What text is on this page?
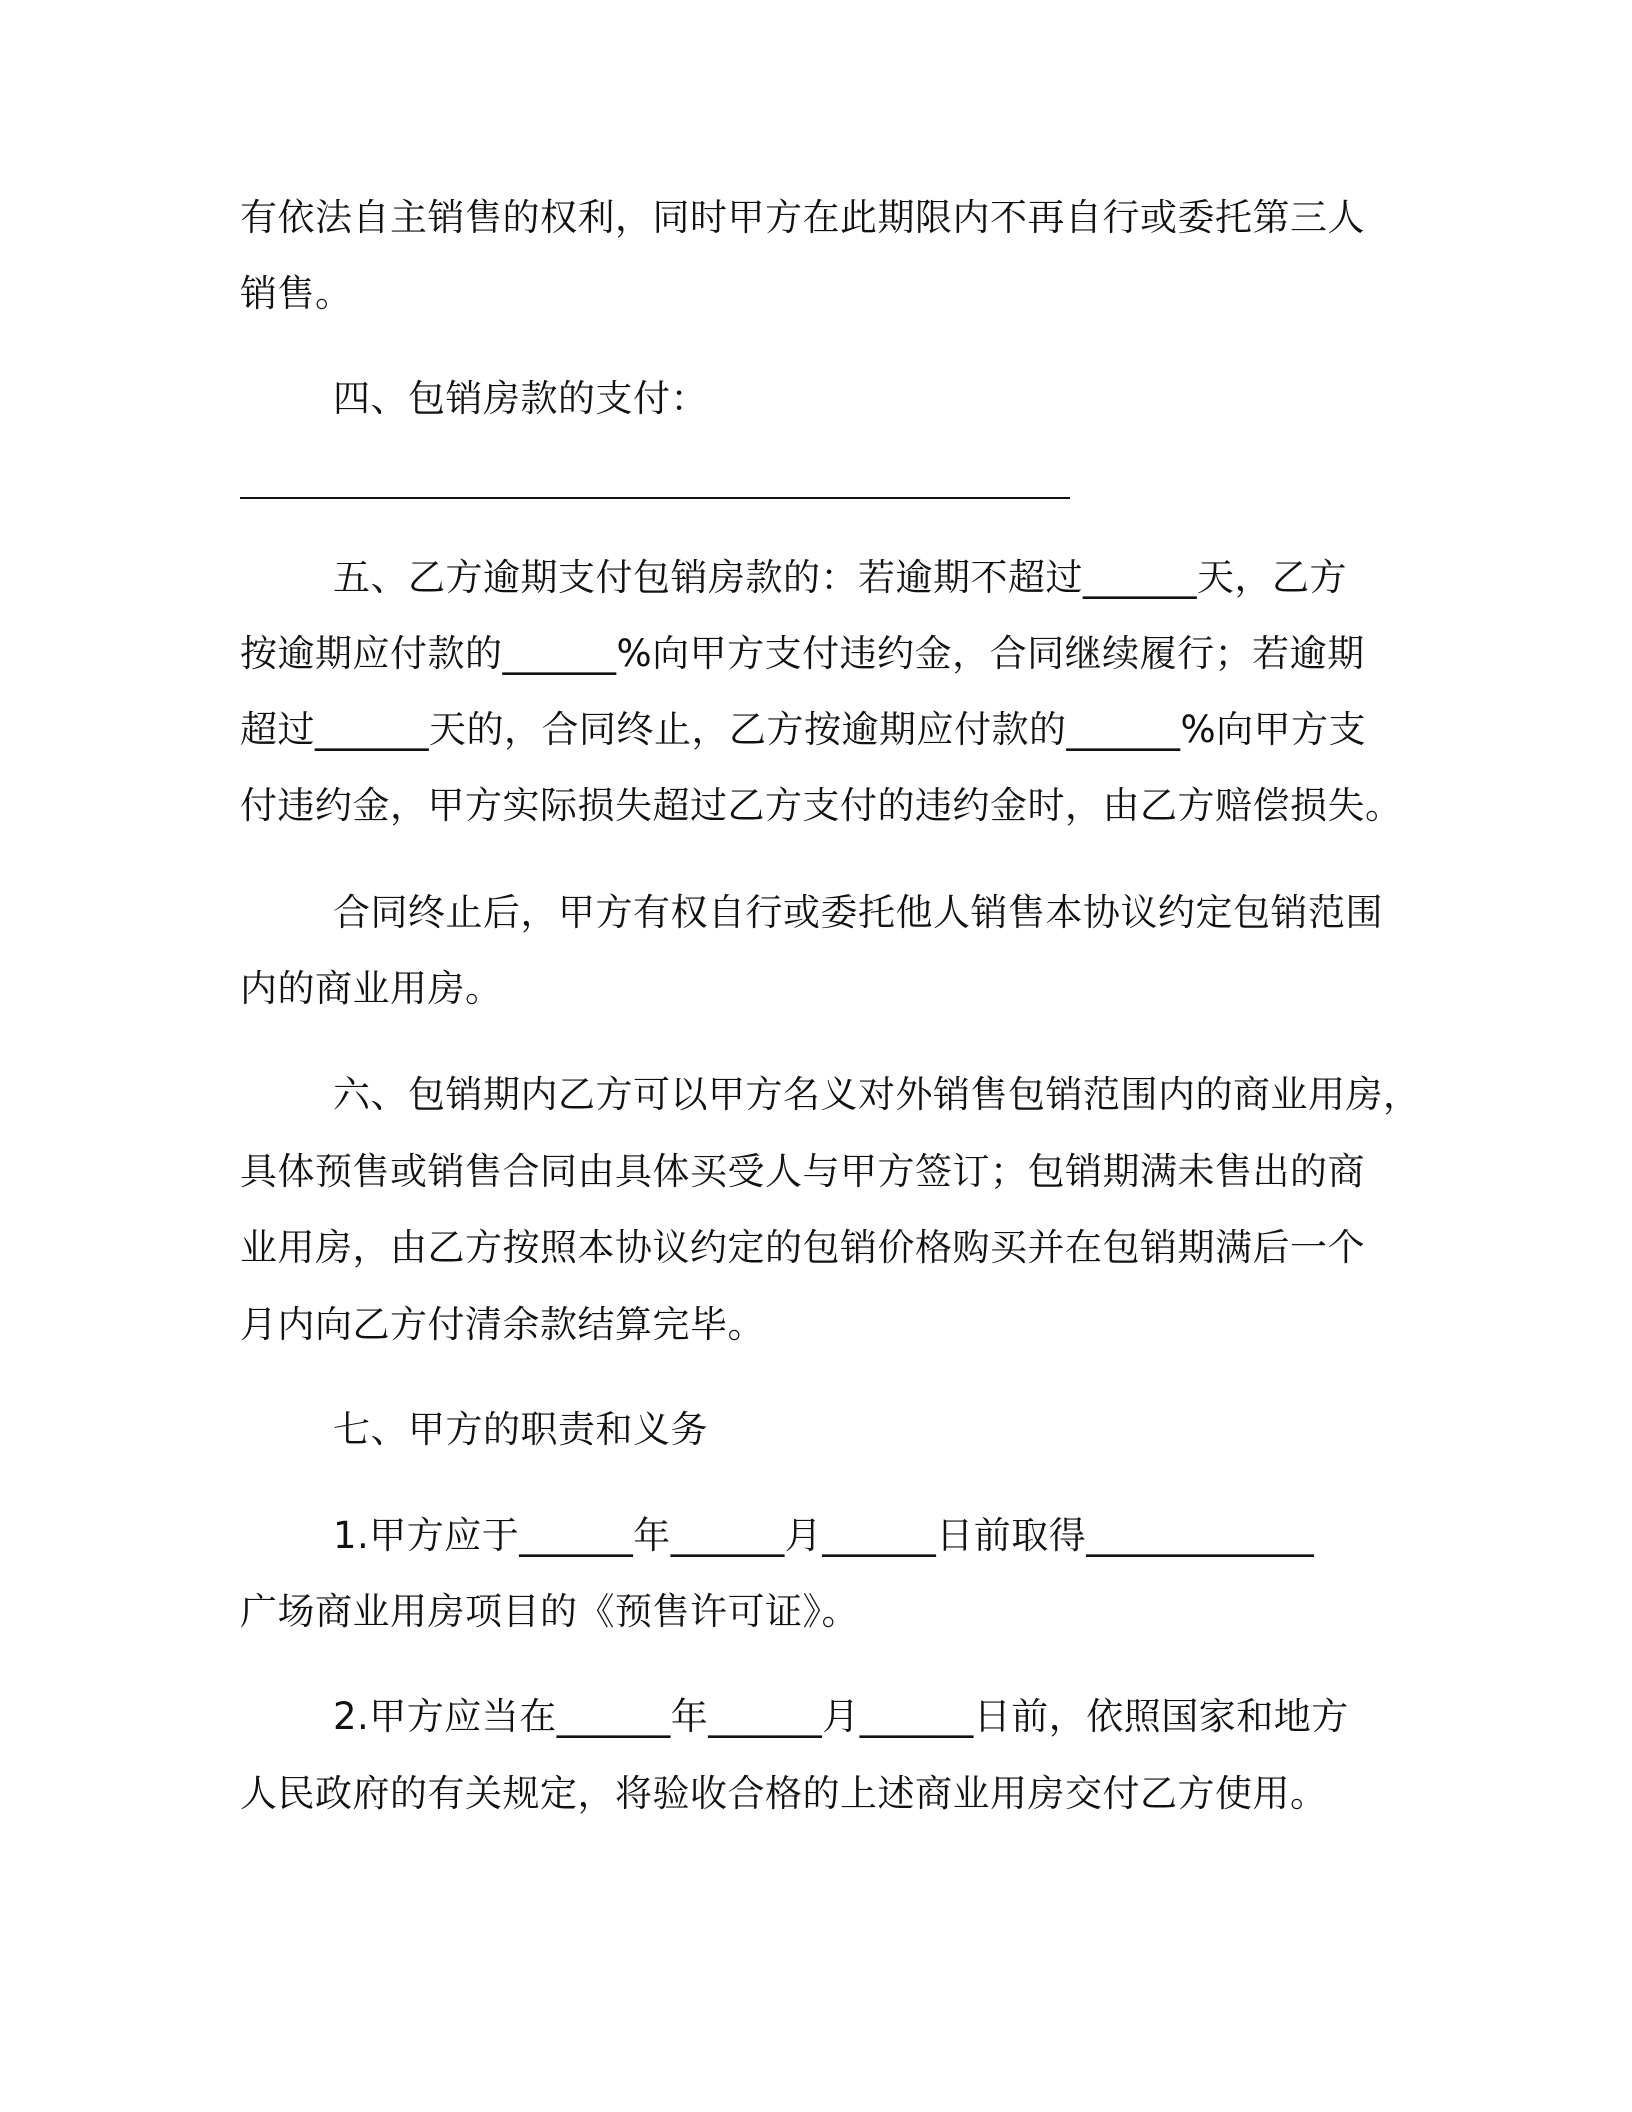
有依法自主销售的权利，同时甲方在此期限内不再自行或委托第三人
销售。
四、包销房款的支付：
五、乙方逾期支付包销房款的：若逾期不超过______天，乙方
按逾期应付款的______%向甲方支付违约金，合同继续履行；若逾期
超过______天的，合同终止，乙方按逾期应付款的______%向甲方支
付违约金，甲方实际损失超过乙方支付的违约金时，由乙方赔偿损失。
合同终止后，甲方有权自行或委托他人销售本协议约定包销范围
内的商业用房。
六、包销期内乙方可以甲方名义对外销售包销范围内的商业用房，
具体预售或销售合同由具体买受人与甲方签订；包销期满未售出的商
业用房，由乙方按照本协议约定的包销价格购买并在包销期满后一个
月内向乙方付清余款结算完毕。
七、甲方的职责和义务
1.甲方应于______年______月______日前取得____________
广场商业用房项目的《预售许可证》。
2.甲方应当在______年______月______日前，依照国家和地方
人民政府的有关规定，将验收合格的上述商业用房交付乙方使用。
